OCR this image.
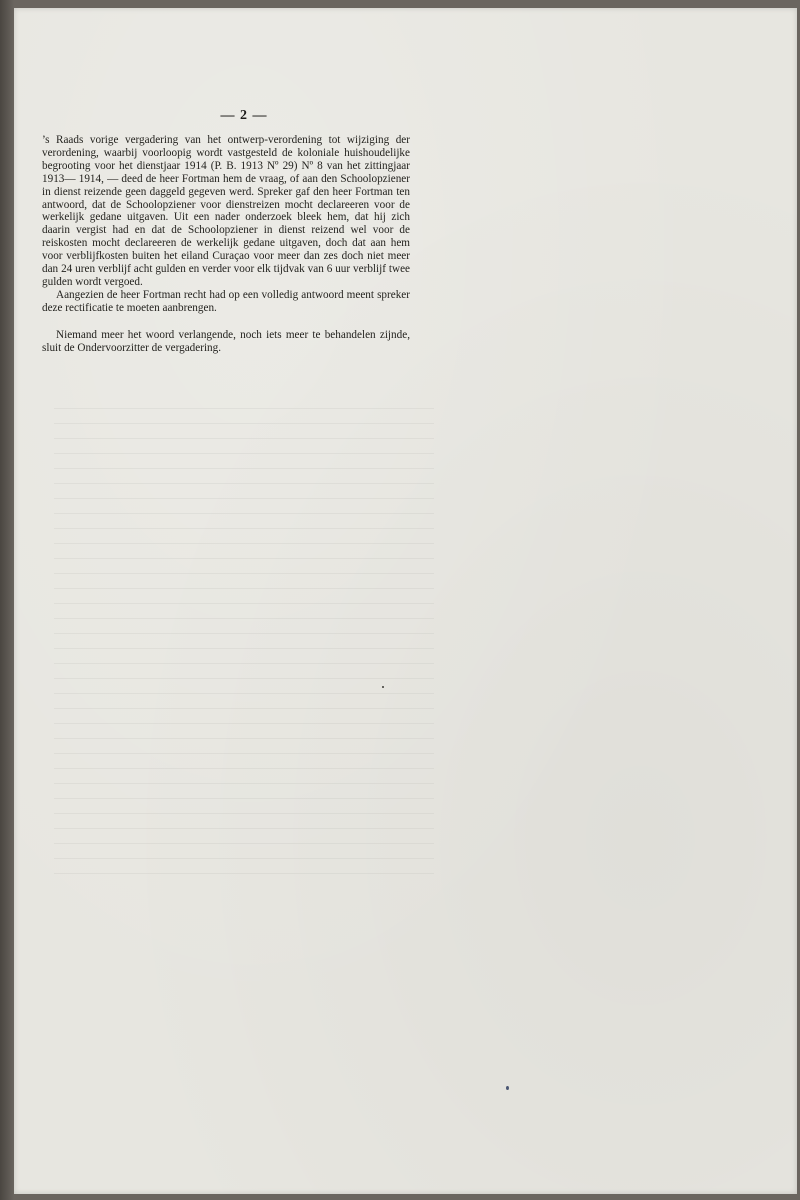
— 2 —

’s Raads vorige vergadering van het ontwerp-verordening tot wijziging der verordening, waarbij voorloopig wordt vastgesteld de koloniale huishoudelijke begrooting voor het dienstjaar 1914 (P. B. 1913 Nº 29) Nº 8 van het zittingjaar 1913— 1914, — deed de heer Fortman hem de vraag, of aan den Schoolopziener in dienst reizende geen daggeld gegeven werd. Spreker gaf den heer Fortman ten antwoord, dat de Schoolopziener voor dienstreizen mocht declareeren voor de werkelijk gedane uitgaven. Uit een nader onderzoek bleek hem, dat hij zich daarin vergist had en dat de Schoolopziener in dienst reizend wel voor de reiskosten mocht declareeren de werkelijk gedane uitgaven, doch dat aan hem voor verblijfkosten buiten het eiland Curaçao voor meer dan zes doch niet meer dan 24 uren verblijf acht gulden en verder voor elk tijdvak van 6 uur verblijf twee gulden wordt vergoed.

Aangezien de heer Fortman recht had op een volledig antwoord meent spreker deze rectificatie te moeten aanbrengen.

Niemand meer het woord verlangende, noch iets meer te behandelen zijnde, sluit de Ondervoorzitter de vergadering.
